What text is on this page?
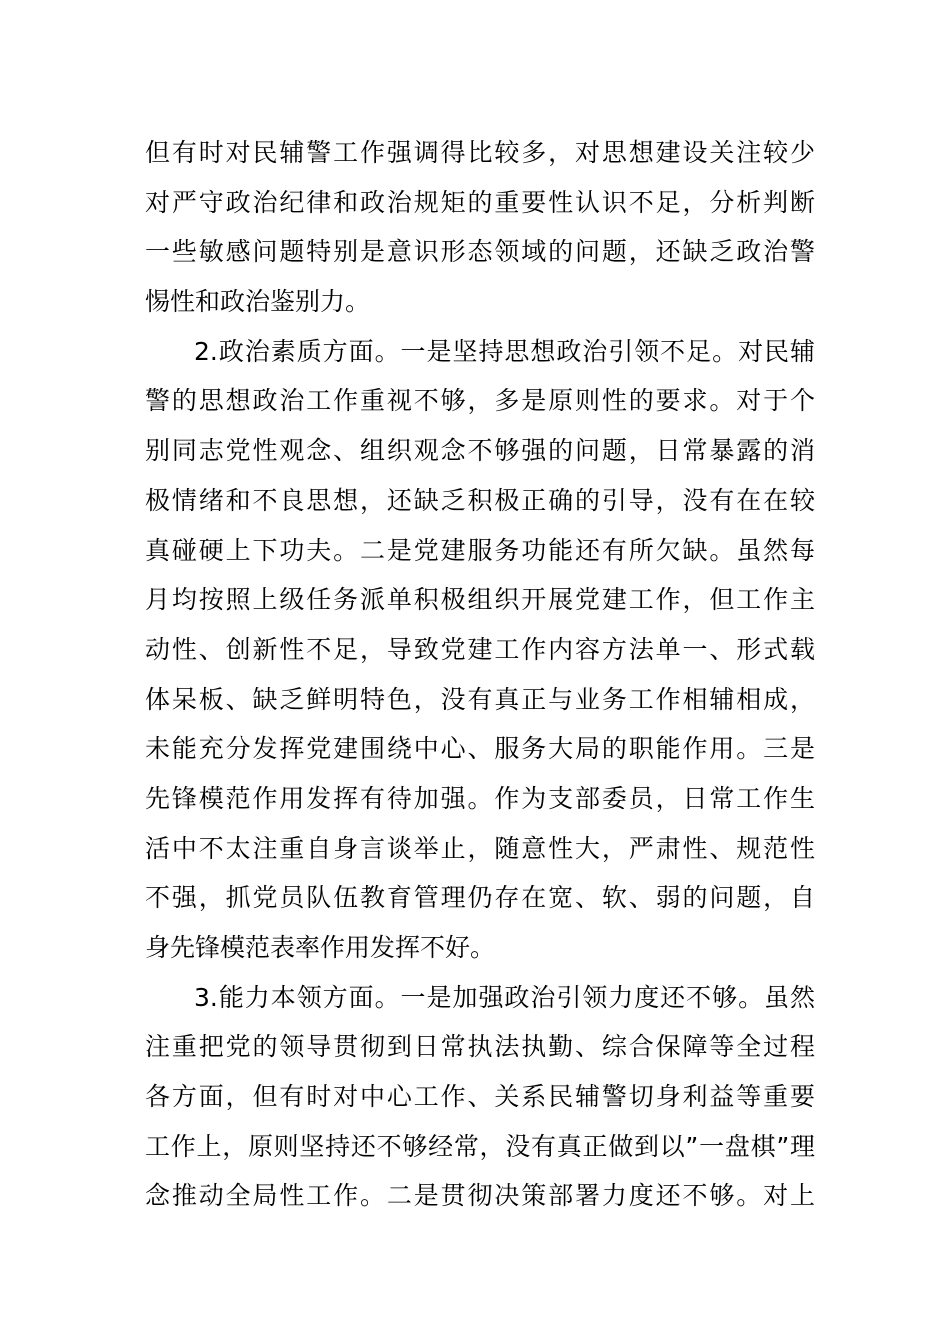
但有时对民辅警工作强调得比较多，对思想建设关注较少
对严守政治纪律和政治规矩的重要性认识不足，分析判断
一些敏感问题特别是意识形态领域的问题，还缺乏政治警
惕性和政治鉴别力。
2.政治素质方面。一是坚持思想政治引领不足。对民辅
警的思想政治工作重视不够，多是原则性的要求。对于个
别同志党性观念、组织观念不够强的问题，日常暴露的消
极情绪和不良思想，还缺乏积极正确的引导，没有在在较
真碰硬上下功夫。二是党建服务功能还有所欠缺。虽然每
月均按照上级任务派单积极组织开展党建工作，但工作主
动性、创新性不足，导致党建工作内容方法单一、形式载
体呆板、缺乏鲜明特色，没有真正与业务工作相辅相成，
未能充分发挥党建围绕中心、服务大局的职能作用。三是
先锋模范作用发挥有待加强。作为支部委员，日常工作生
活中不太注重自身言谈举止，随意性大，严肃性、规范性
不强，抓党员队伍教育管理仍存在宽、软、弱的问题，自
身先锋模范表率作用发挥不好。
3.能力本领方面。一是加强政治引领力度还不够。虽然
注重把党的领导贯彻到日常执法执勤、综合保障等全过程
各方面，但有时对中心工作、关系民辅警切身利益等重要
工作上，原则坚持还不够经常，没有真正做到以”一盘棋”理
念推动全局性工作。二是贯彻决策部署力度还不够。对上
